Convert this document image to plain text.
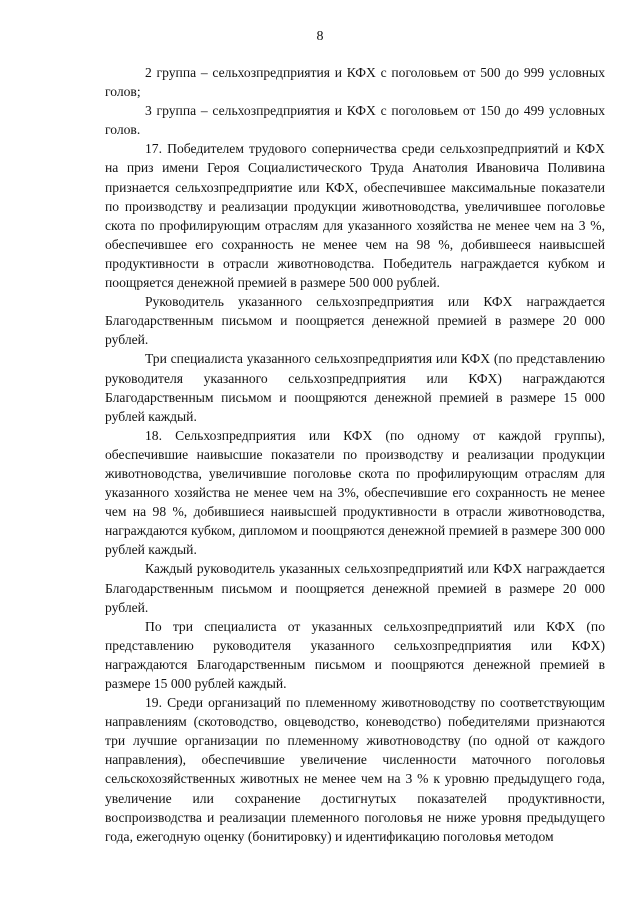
8

2 группа – сельхозпредприятия и КФХ с поголовьем от 500 до 999 условных голов;

3 группа – сельхозпредприятия и КФХ с поголовьем от 150 до 499 условных голов.

17. Победителем трудового соперничества среди сельхозпредприятий и КФХ на приз имени Героя Социалистического Труда Анатолия Ивановича Поливина признается сельхозпредприятие или КФХ, обеспечившее максимальные показатели по производству и реализации продукции животноводства, увеличившее поголовье скота по профилирующим отраслям для указанного хозяйства не менее чем на 3 %, обеспечившее его сохранность не менее чем на 98 %, добившееся наивысшей продуктивности в отрасли животноводства. Победитель награждается кубком и поощряется денежной премией в размере 500 000 рублей.

Руководитель указанного сельхозпредприятия или КФХ награждается Благодарственным письмом и поощряется денежной премией в размере 20 000 рублей.

Три специалиста указанного сельхозпредприятия или КФХ (по представлению руководителя указанного сельхозпредприятия или КФХ) награждаются Благодарственным письмом и поощряются денежной премией в размере 15 000 рублей каждый.

18. Сельхозпредприятия или КФХ (по одному от каждой группы), обеспечившие наивысшие показатели по производству и реализации продукции животноводства, увеличившие поголовье скота по профилирующим отраслям для указанного хозяйства не менее чем на 3%, обеспечившие его сохранность не менее чем на 98 %, добившиеся наивысшей продуктивности в отрасли животноводства, награждаются кубком, дипломом и поощряются денежной премией в размере 300 000 рублей каждый.

Каждый руководитель указанных сельхозпредприятий или КФХ награждается Благодарственным письмом и поощряется денежной премией в размере 20 000 рублей.

По три специалиста от указанных сельхозпредприятий или КФХ (по представлению руководителя указанного сельхозпредприятия или КФХ) награждаются Благодарственным письмом и поощряются денежной премией в размере 15 000 рублей каждый.

19. Среди организаций по племенному животноводству по соответствующим направлениям (скотоводство, овцеводство, коневодство) победителями признаются три лучшие организации по племенному животноводству (по одной от каждого направления), обеспечившие увеличение численности маточного поголовья сельскохозяйственных животных не менее чем на 3 % к уровню предыдущего года, увеличение или сохранение достигнутых показателей продуктивности, воспроизводства и реализации племенного поголовья не ниже уровня предыдущего года, ежегодную оценку (бонитировку) и идентификацию поголовья методом
